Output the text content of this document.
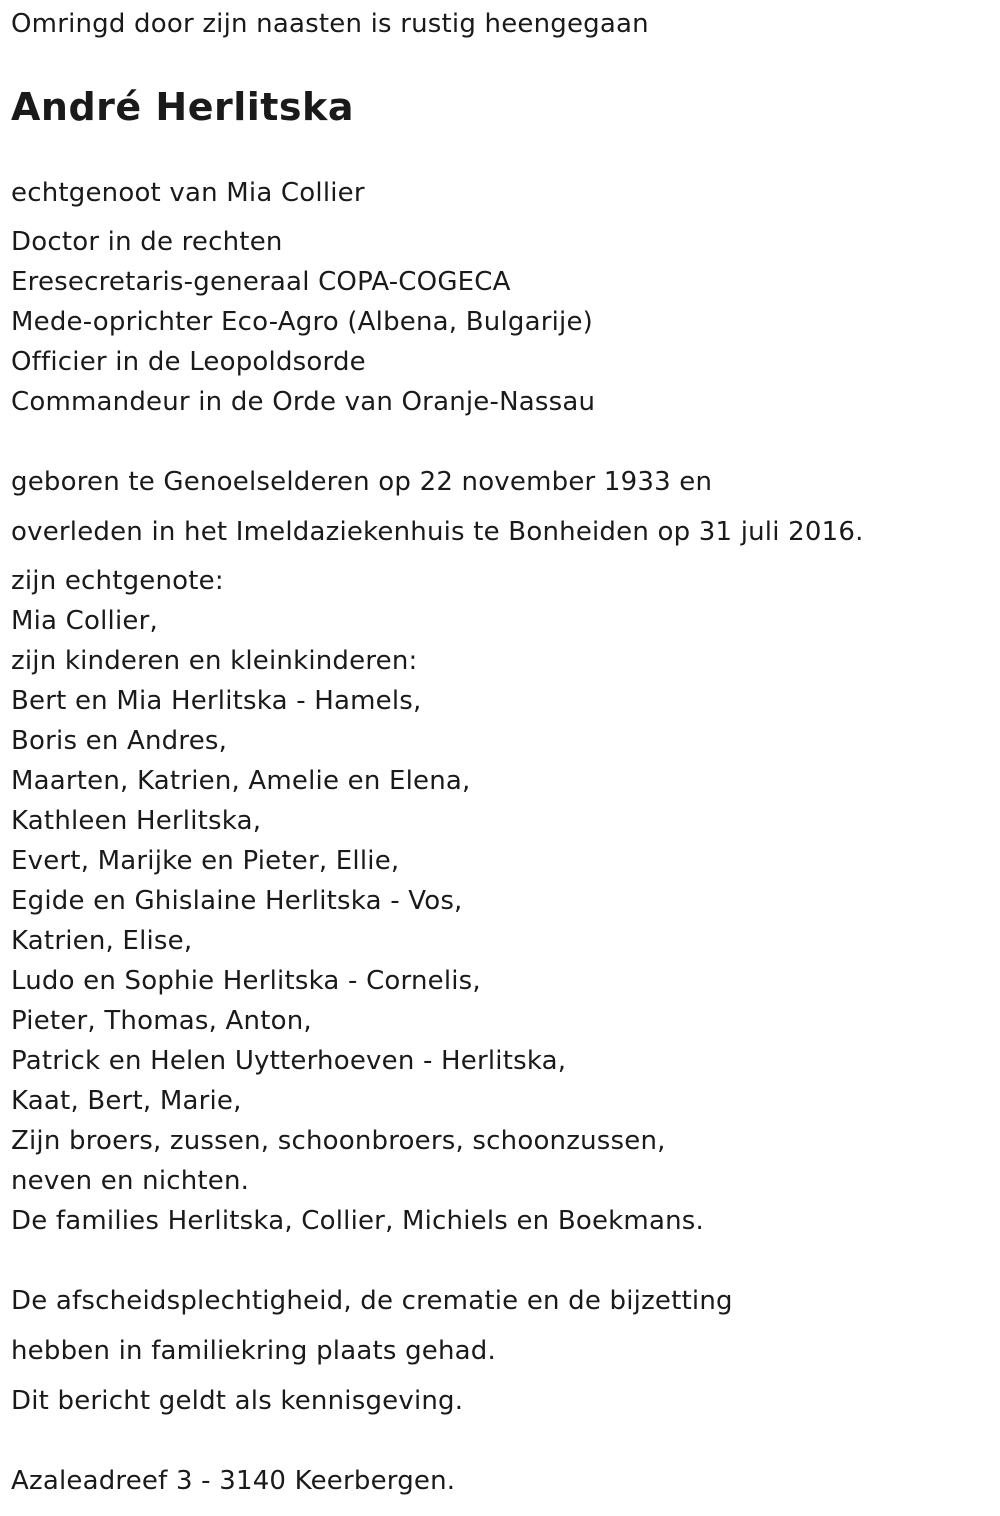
Omringd door zijn naasten is rustig heengegaan
André Herlitska
echtgenoot van Mia Collier
Doctor in de rechten
Eresecretaris-generaal COPA-COGECA
Mede-oprichter Eco-Agro (Albena, Bulgarije)
Officier in de Leopoldsorde
Commandeur in de Orde van Oranje-Nassau
geboren te Genoelselderen op 22 november 1933 en
overleden in het Imeldaziekenhuis te Bonheiden op 31 juli 2016.
zijn echtgenote:
Mia Collier,
zijn kinderen en kleinkinderen:
Bert en Mia Herlitska - Hamels,
Boris en Andres,
Maarten, Katrien, Amelie en Elena,
Kathleen Herlitska,
Evert, Marijke en Pieter, Ellie,
Egide en Ghislaine Herlitska - Vos,
Katrien, Elise,
Ludo en Sophie Herlitska - Cornelis,
Pieter, Thomas, Anton,
Patrick en Helen Uytterhoeven - Herlitska,
Kaat, Bert, Marie,
Zijn broers, zussen, schoonbroers, schoonzussen,
neven en nichten.
De families Herlitska, Collier, Michiels en Boekmans.
De afscheidsplechtigheid, de crematie en de bijzetting
hebben in familiekring plaats gehad.
Dit bericht geldt als kennisgeving.
Azaleadreef 3 - 3140 Keerbergen.
